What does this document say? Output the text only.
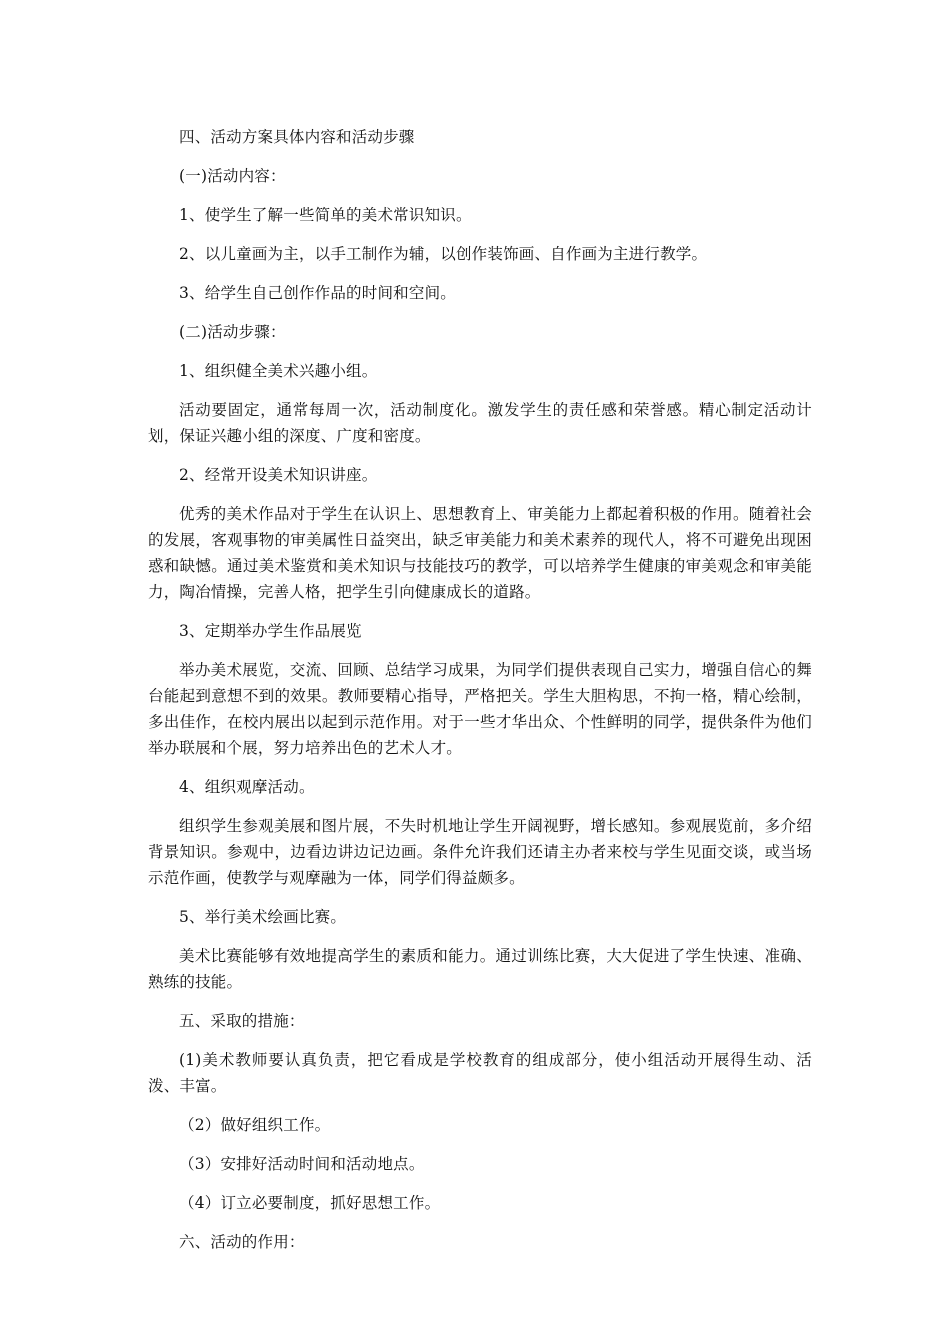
四、活动方案具体内容和活动步骤

(一)活动内容：

1、使学生了解一些简单的美术常识知识。

2、以儿童画为主，以手工制作为辅，以创作装饰画、自作画为主进行教学。

3、给学生自己创作作品的时间和空间。

(二)活动步骤：

1、组织健全美术兴趣小组。

活动要固定，通常每周一次，活动制度化。激发学生的责任感和荣誉感。精心制定活动计划，保证兴趣小组的深度、广度和密度。

2、经常开设美术知识讲座。

优秀的美术作品对于学生在认识上、思想教育上、审美能力上都起着积极的作用。随着社会的发展，客观事物的审美属性日益突出，缺乏审美能力和美术素养的现代人，将不可避免出现困惑和缺憾。通过美术鉴赏和美术知识与技能技巧的教学，可以培养学生健康的审美观念和审美能力，陶冶情操，完善人格，把学生引向健康成长的道路。

3、定期举办学生作品展览

举办美术展览，交流、回顾、总结学习成果，为同学们提供表现自己实力，增强自信心的舞台能起到意想不到的效果。教师要精心指导，严格把关。学生大胆构思，不拘一格，精心绘制，多出佳作，在校内展出以起到示范作用。对于一些才华出众、个性鲜明的同学，提供条件为他们举办联展和个展，努力培养出色的艺术人才。

4、组织观摩活动。

组织学生参观美展和图片展，不失时机地让学生开阔视野，增长感知。参观展览前，多介绍背景知识。参观中，边看边讲边记边画。条件允许我们还请主办者来校与学生见面交谈，或当场示范作画，使教学与观摩融为一体，同学们得益颇多。

5、举行美术绘画比赛。

美术比赛能够有效地提高学生的素质和能力。通过训练比赛，大大促进了学生快速、准确、熟练的技能。

五、采取的措施：

(1)美术教师要认真负责，把它看成是学校教育的组成部分，使小组活动开展得生动、活泼、丰富。

（2）做好组织工作。

（3）安排好活动时间和活动地点。

（4）订立必要制度，抓好思想工作。

六、活动的作用：
